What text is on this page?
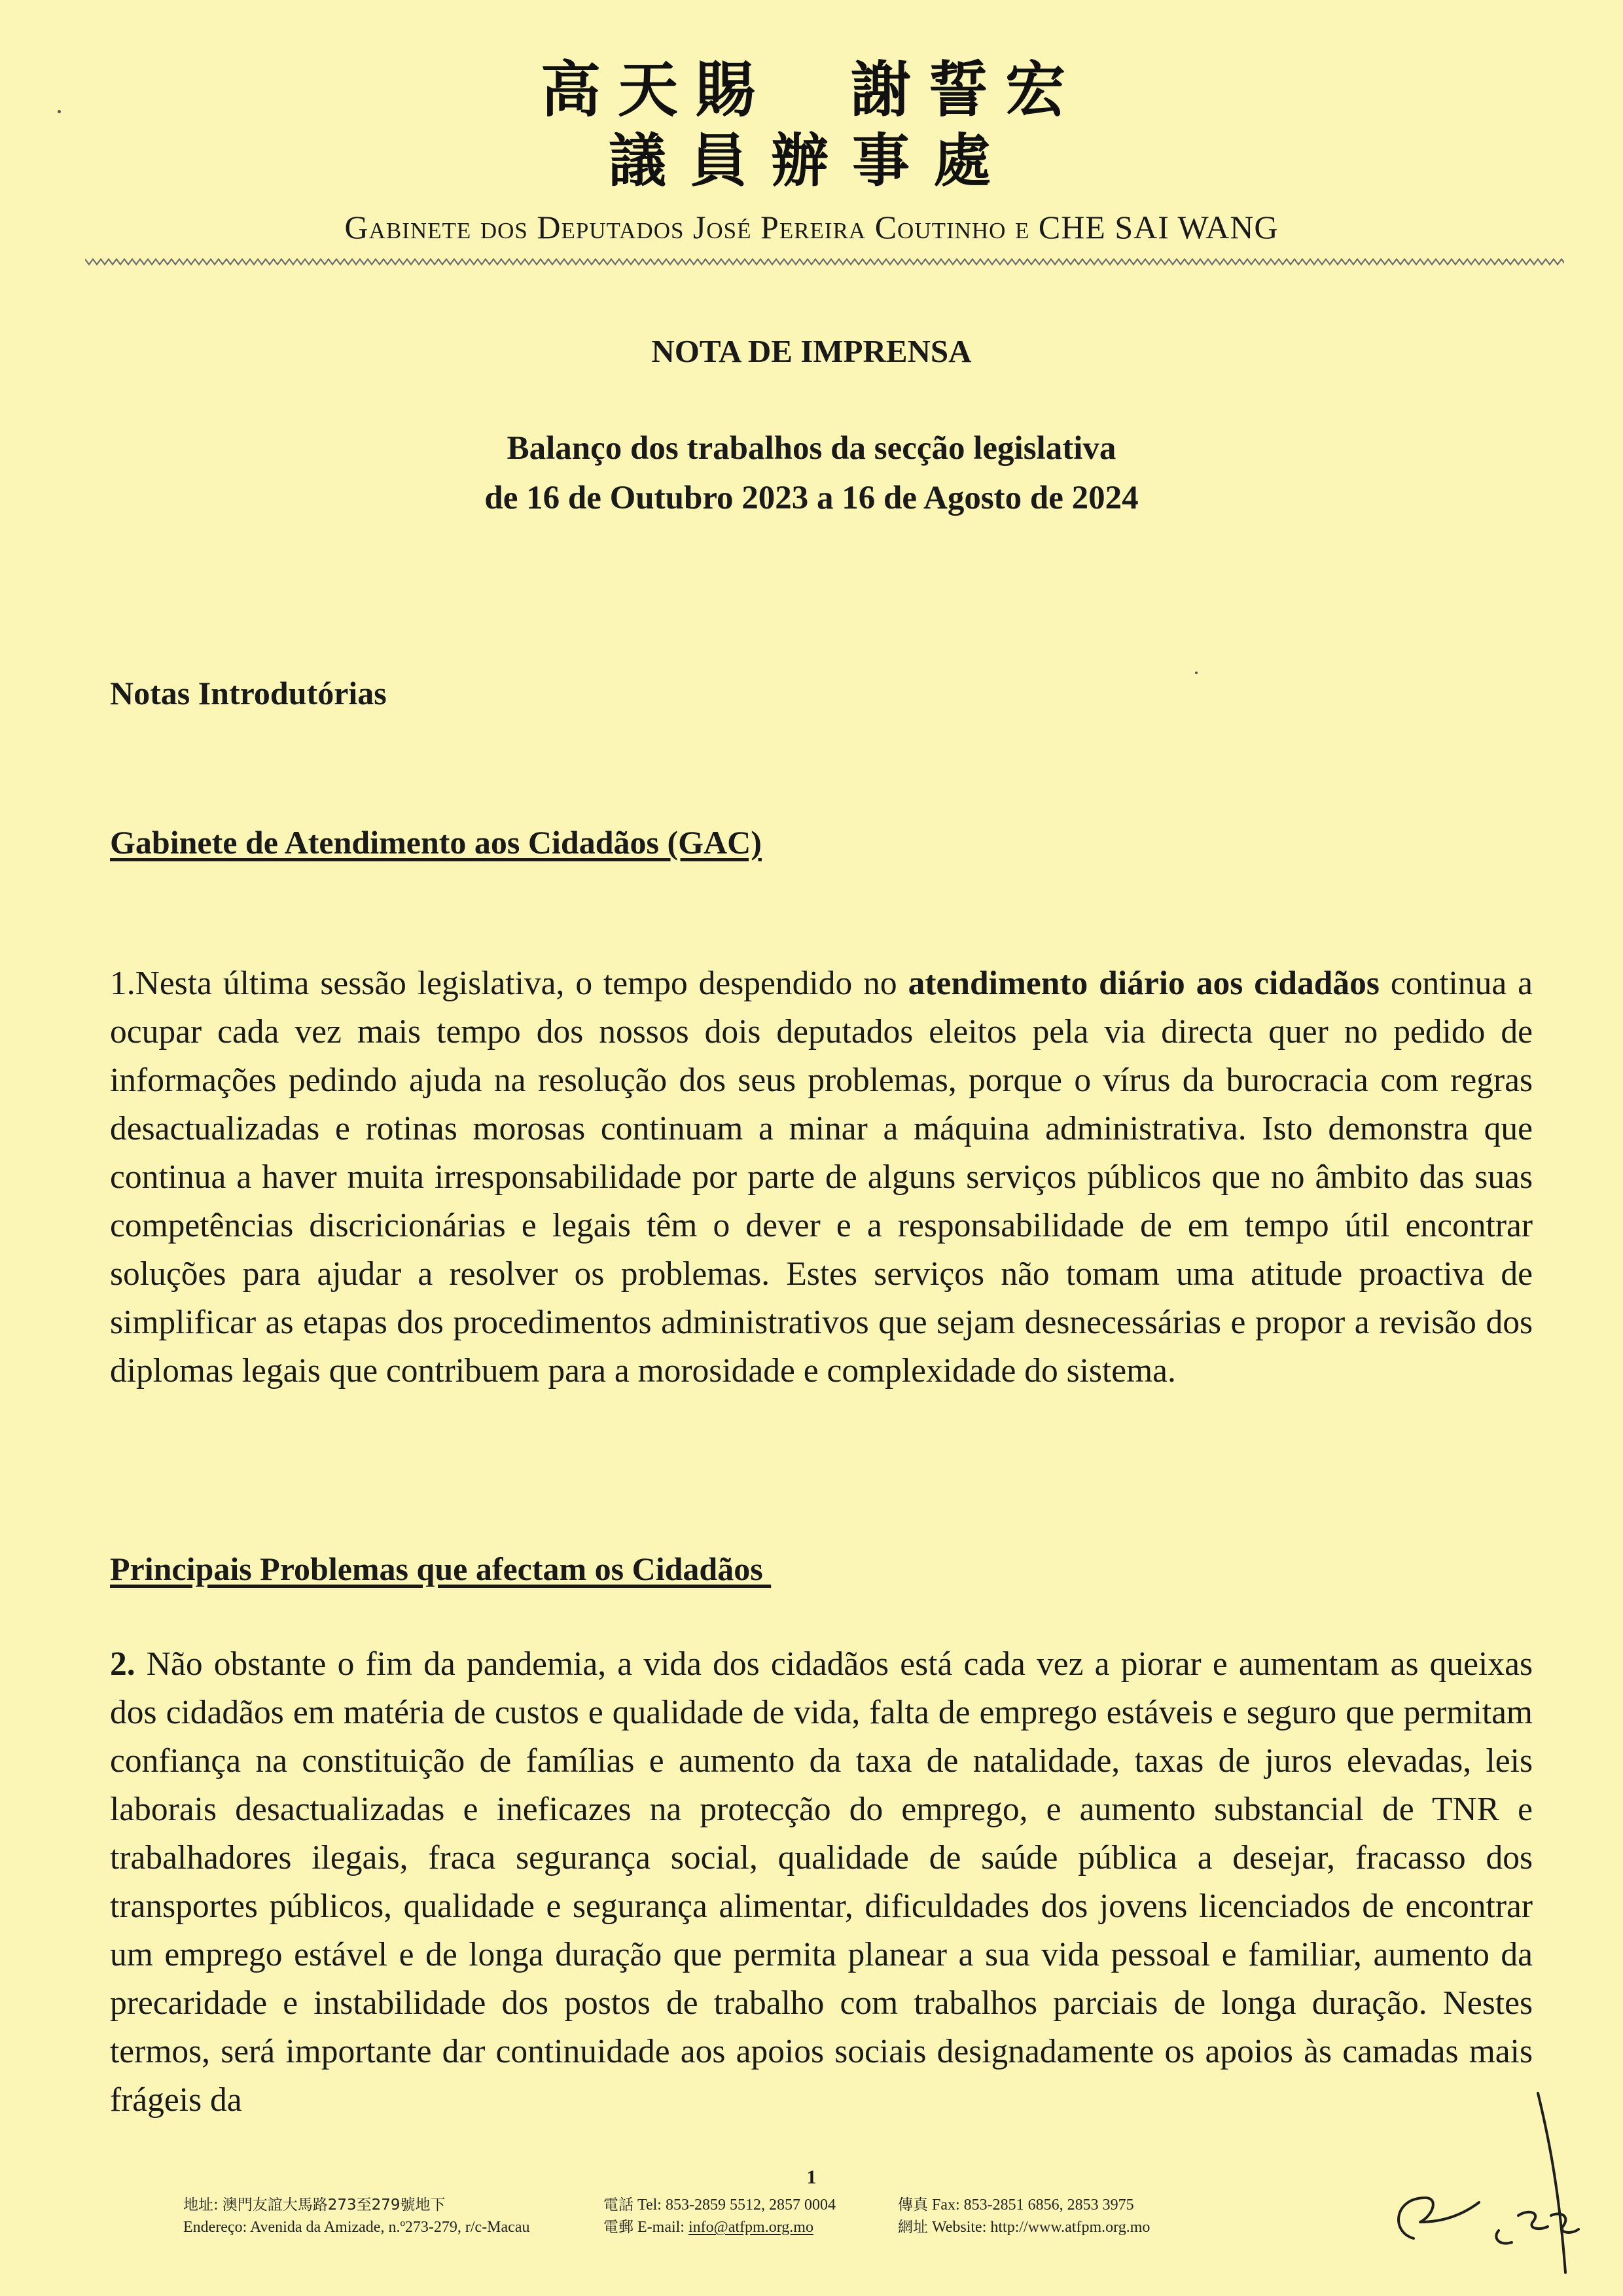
高天賜 謝誓宏
議員辦事處
Gabinete dos Deputados José Pereira Coutinho e CHE SAI WANG
NOTA DE IMPRENSA
Balanço dos trabalhos da secção legislativa
de 16 de Outubro 2023 a 16 de Agosto de 2024
Notas Introdutórias
Gabinete de Atendimento aos Cidadãos (GAC)
1.Nesta última sessão legislativa, o tempo despendido no atendimento diário aos cidadãos continua a ocupar cada vez mais tempo dos nossos dois deputados eleitos pela via directa quer no pedido de informações pedindo ajuda na resolução dos seus problemas, porque o vírus da burocracia com regras desactualizadas e rotinas morosas continuam a minar a máquina administrativa. Isto demonstra que continua a haver muita irresponsabilidade por parte de alguns serviços públicos que no âmbito das suas competências discricionárias e legais têm o dever e a responsabilidade de em tempo útil encontrar soluções para ajudar a resolver os problemas. Estes serviços não tomam uma atitude proactiva de simplificar as etapas dos procedimentos administrativos que sejam desnecessárias e propor a revisão dos diplomas legais que contribuem para a morosidade e complexidade do sistema.
Principais Problemas que afectam os Cidadãos
2. Não obstante o fim da pandemia, a vida dos cidadãos está cada vez a piorar e aumentam as queixas dos cidadãos em matéria de custos e qualidade de vida, falta de emprego estáveis e seguro que permitam confiança na constituição de famílias e aumento da taxa de natalidade, taxas de juros elevadas, leis laborais desactualizadas e ineficazes na protecção do emprego, e aumento substancial de TNR e trabalhadores ilegais, fraca segurança social, qualidade de saúde pública a desejar, fracasso dos transportes públicos, qualidade e segurança alimentar, dificuldades dos jovens licenciados de encontrar um emprego estável e de longa duração que permita planear a sua vida pessoal e familiar, aumento da precaridade e instabilidade dos postos de trabalho com trabalhos parciais de longa duração. Nestes termos, será importante dar continuidade aos apoios sociais designadamente os apoios às camadas mais frágeis da
1
地址: 澳門友誼大馬路273至279號地下
Endereço: Avenida da Amizade, n.º273-279, r/c-Macau
電話 Tel: 853-2859 5512, 2857 0004
電郵 E-mail: info@atfpm.org.mo
傳真 Fax: 853-2851 6856, 2853 3975
網址 Website: http://www.atfpm.org.mo
